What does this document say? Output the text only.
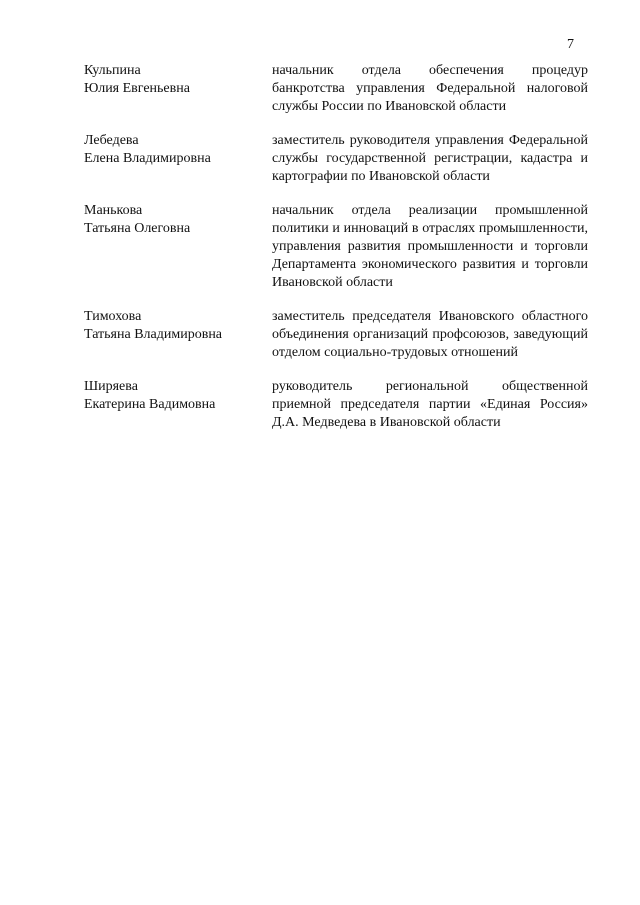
7
Кульпина
Юлия Евгеньевна
начальник отдела обеспечения процедур банкротства управления Федеральной налоговой службы России по Ивановской области
Лебедева
Елена Владимировна
заместитель руководителя управления Федеральной службы государственной регистрации, кадастра и картографии по Ивановской области
Манькова
Татьяна Олеговна
начальник отдела реализации промышленной политики и инноваций в отраслях промышленности, управления развития промышленности и торговли Департамента экономического развития и торговли Ивановской области
Тимохова
Татьяна Владимировна
заместитель председателя Ивановского областного объединения организаций профсоюзов, заведующий отделом социально-трудовых отношений
Ширяева
Екатерина Вадимовна
руководитель региональной общественной приемной председателя партии «Единая Россия» Д.А. Медведева в Ивановской области
